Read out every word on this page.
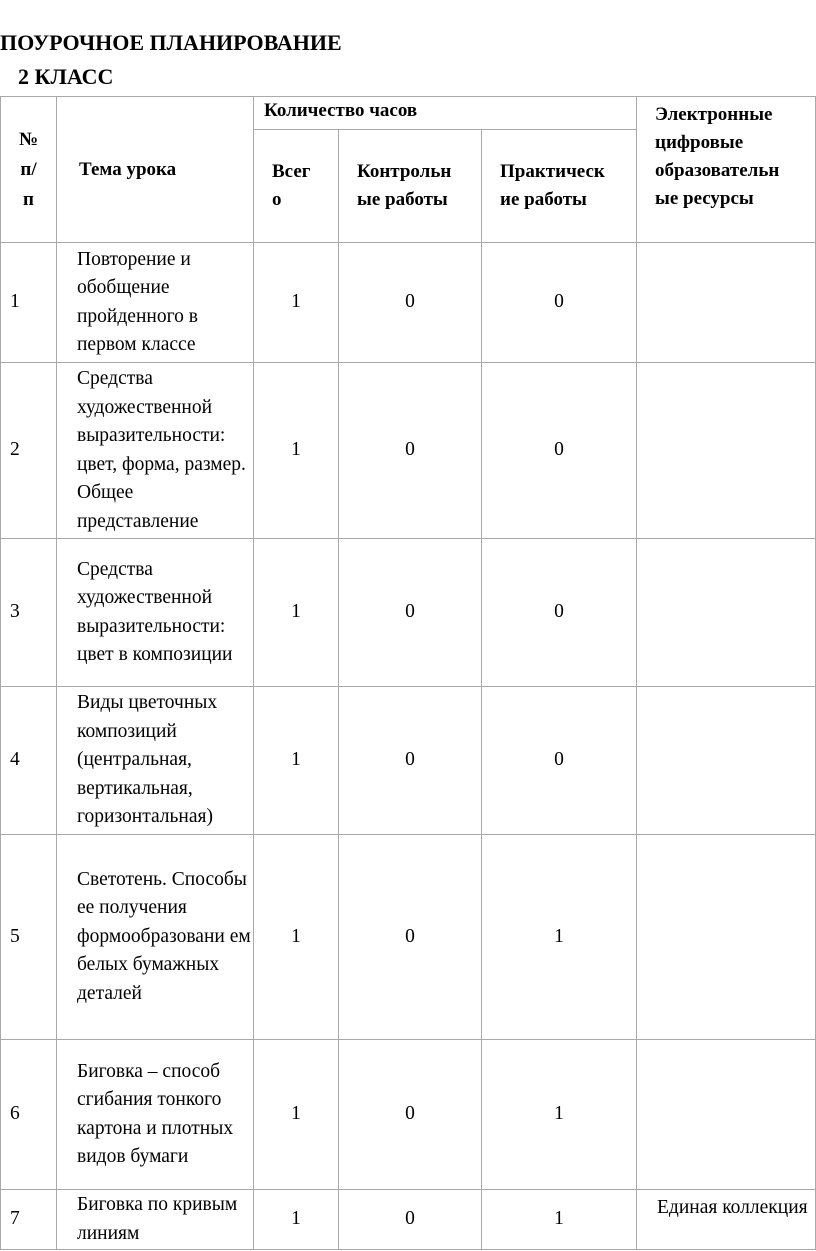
ПОУРОЧНОЕ ПЛАНИРОВАНИЕ
2 КЛАСС
№ п/п	Тема урока	Количество часов			Электронные цифровые образовательн ые ресурсы

		Всег о	Контрольн ые работы	Практическ ие работы	

1	Повторение и обобщение пройденного в первом классе	1	0	0	
2	Средства художественной выразительности: цвет, форма, размер. Общее представление	1	0	0	
3	Средства художественной выразительности: цвет в композиции	1	0	0	
4	Виды цветочных композиций (центральная, вертикальная, горизонтальная)	1	0	0	
5	Светотень. Способы ее получения формообразовани ем белых бумажных деталей	1	0	1	
6	Биговка – способ сгибания тонкого картона и плотных видов бумаги	1	0	1	
7	Биговка по кривым линиям	1	0	1	Единая коллекция
